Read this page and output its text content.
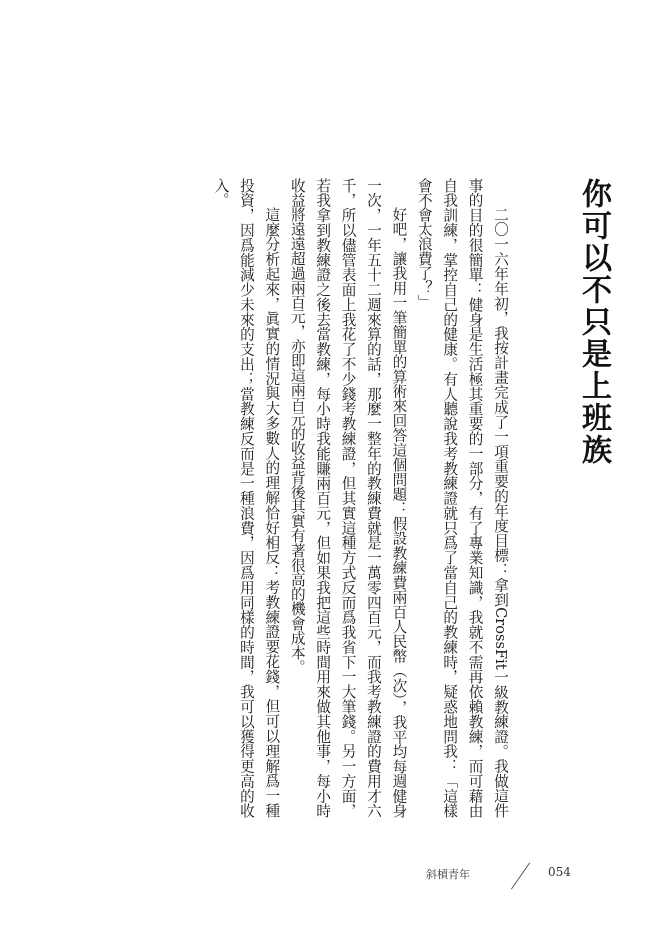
你可以不只是上班族

二〇一六年年初，我按計畫完成了一項重要的年度目標：拿到CrossFit一級教練證。我做這件事的目的很簡單：健身是生活極其重要的一部分，有了專業知識，我就不需再依賴教練，而可藉由自我訓練，掌控自己的健康。有人聽說我考教練證就只爲了當自己的教練時，疑惑地問我：「這樣會不會太浪費了？」

好吧，讓我用一筆簡單的算術來回答這個問題：假設教練費兩百人民幣（次），我平均每週健身一次，一年五十二週來算的話，那麼一整年的教練費就是一萬零四百元，而我考教練證的費用才六千，所以儘管表面上我花了不少錢考教練證，但其實這種方式反而爲我省下一大筆錢。另一方面，若我拿到教練證之後去當教練，每小時我能賺兩百元，但如果我把這些時間用來做其他事，每小時收益將遠遠超過兩百元，亦即這兩百元的收益背後其實有著很高的機會成本。

這麼分析起來，眞實的情況與大多數人的理解恰好相反：考教練證要花錢，但可以理解爲一種投資，因爲能減少未來的支出；當教練反而是一種浪費，因爲用同樣的時間，我可以獲得更高的收入。

斜槓青年	054
